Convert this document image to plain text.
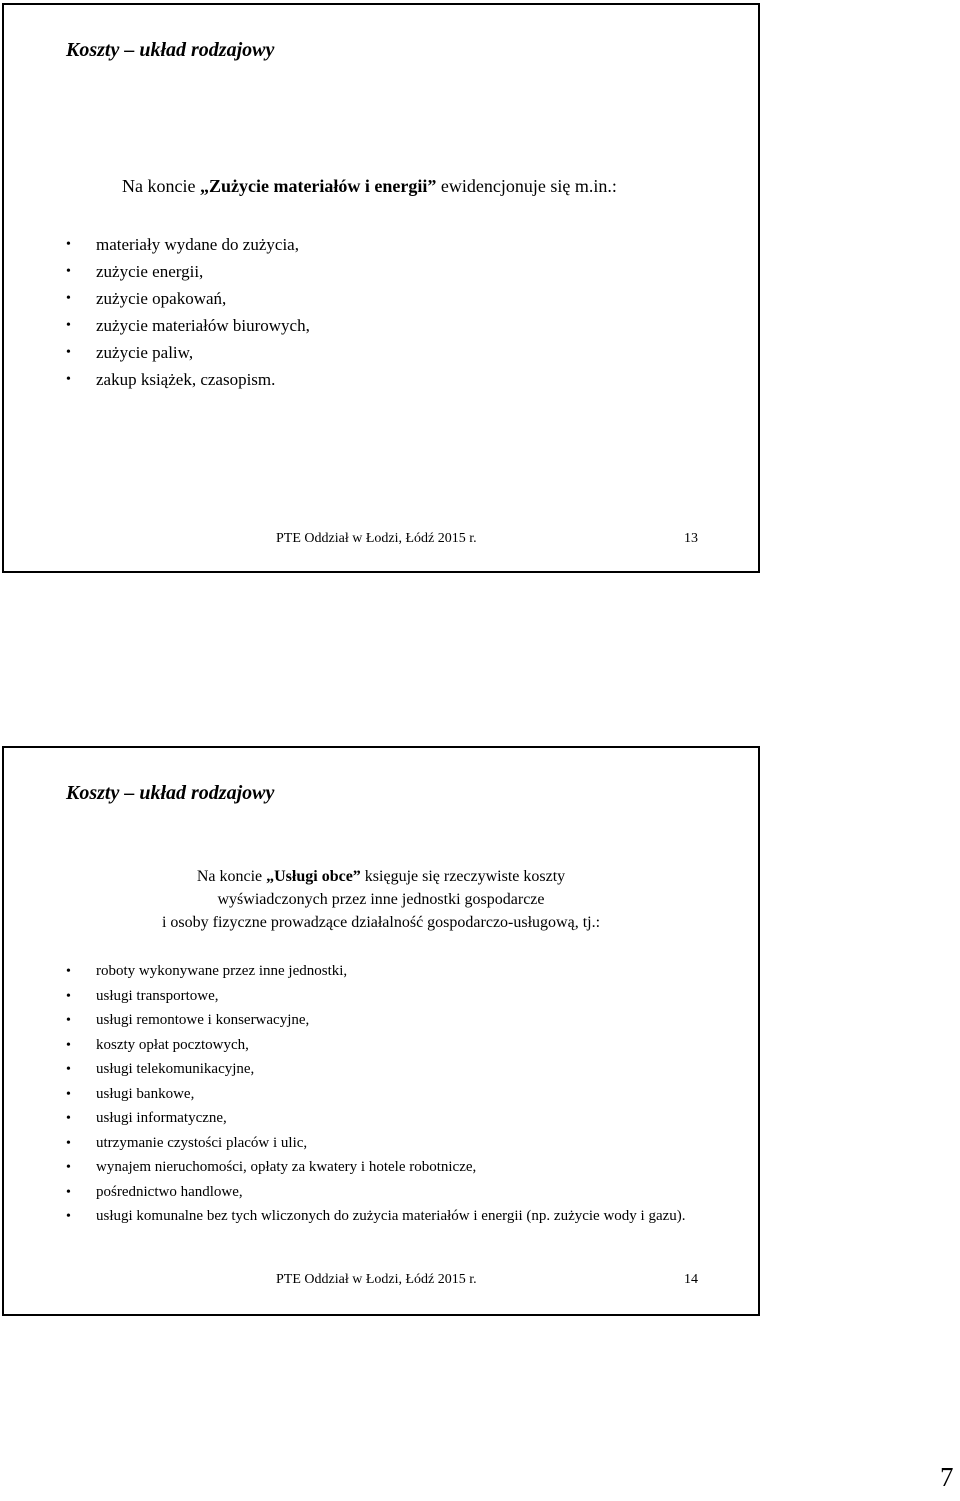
Koszty – układ rodzajowy
Na koncie „Zużycie materiałów i energii” ewidencjonuje się m.in.:
• materiały wydane do zużycia,
• zużycie energii,
• zużycie opakowań,
• zużycie materiałów biurowych,
• zużycie paliw,
• zakup książek, czasopism.
PTE Oddział w Łodzi, Łódź 2015 r.	13
Koszty – układ rodzajowy
Na koncie „Usługi obce” księguje się rzeczywiste koszty
wyświadczonych przez inne jednostki gospodarcze
i osoby fizyczne prowadzące działalność gospodarczo-usługową, tj.:
• roboty wykonywane przez inne jednostki,
• usługi transportowe,
• usługi remontowe i konserwacyjne,
• koszty opłat pocztowych,
• usługi telekomunikacyjne,
• usługi bankowe,
• usługi informatyczne,
• utrzymanie czystości placów i ulic,
• wynajem nieruchomości, opłaty za kwatery i hotele robotnicze,
• pośrednictwo handlowe,
• usługi komunalne bez tych wliczonych do zużycia materiałów i energii (np. zużycie wody i gazu).
PTE Oddział w Łodzi, Łódź 2015 r.	14
7
